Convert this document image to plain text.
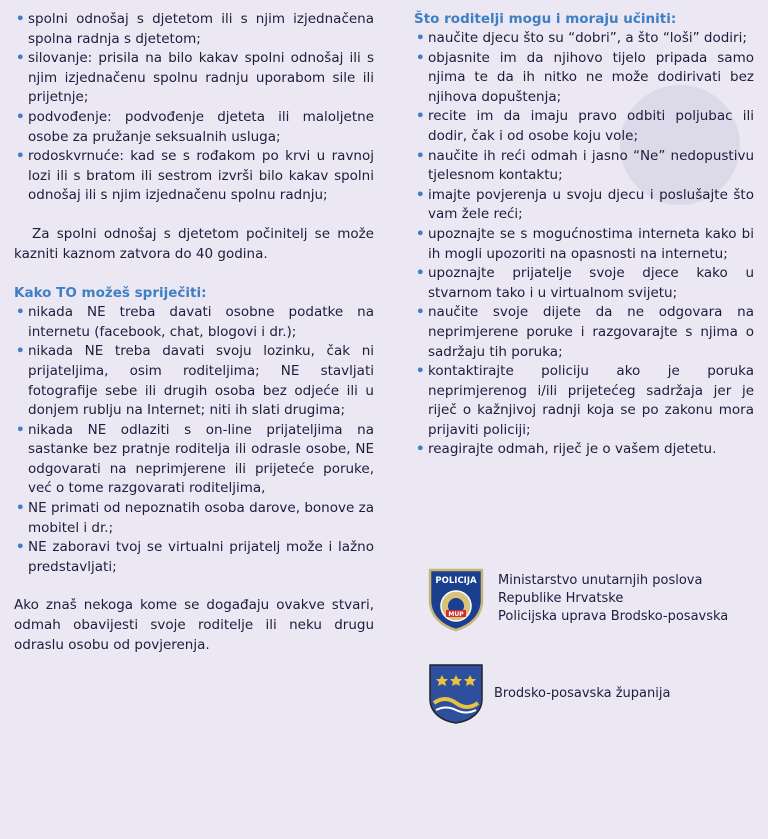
• spolni odnošaj s djetetom ili s njim izjednačena spolna radnja s djetetom;
• silovanje: prisila na bilo kakav spolni odnošaj ili s njim izjednačenu spolnu radnju uporabom sile ili prijetnje;
• podvođenje: podvođenje djeteta ili maloljetne osobe za pružanje seksualnih usluga;
• rodoskvrnuće: kad se s rođakom po krvi u ravnoj lozi ili s bratom ili sestrom izvrši bilo kakav spolni odnošaj ili s njim izjednačenu spolnu radnju;

Za spolni odnošaj s djetetom počinitelj se može kazniti kaznom zatvora do 40 godina.

Kako TO možeš spriječiti:

• nikada NE treba davati osobne podatke na internetu (facebook, chat, blogovi i dr.);
• nikada NE treba davati svoju lozinku, čak ni prijateljima, osim roditeljima; NE stavljati fotografije sebe ili drugih osoba bez odjeće ili u donjem rublju na Internet; niti ih slati drugima;
• nikada NE odlaziti s on-line prijateljima na sastanke bez pratnje roditelja ili odrasle osobe, NE odgovarati na neprimjerene ili prijeteće poruke, već o tome razgovarati roditeljima,
• NE primati od nepoznatih osoba darove, bonove za mobitel i dr.;
• NE zaboravi tvoj se virtualni prijatelj može i lažno predstavljati;

Ako znaš nekoga kome se događaju ovakve stvari, odmah obavijesti svoje roditelje ili neku drugu odraslu osobu od povjerenja.

Što roditelji mogu i moraju učiniti:

• naučite djecu što su “dobri”, a što “loši” dodiri;
• objasnite im da njihovo tijelo pripada samo njima te da ih nitko ne može dodirivati bez njihova dopuštenja;
• recite im da imaju pravo odbiti poljubac ili dodir, čak i od osobe koju vole;
• naučite ih reći odmah i jasno “Ne” nedopustivu tjelesnom kontaktu;
• imajte povjerenja u svoju djecu i poslušajte što vam žele reći;
• upoznajte se s mogućnostima interneta kako bi ih mogli upozoriti na opasnosti na internetu;
• upoznajte prijatelje svoje djece kako u stvarnom tako i u virtualnom svijetu;
• naučite svoje dijete da ne odgovara na neprimjerene poruke i razgovarajte s njima o sadržaju tih poruka;
• kontaktirajte policiju ako je poruka neprimjerenog i/ili prijetećeg sadržaja jer je riječ o kažnjivoj radnji koja se po zakonu mora prijaviti policiji;
• reagirajte odmah, riječ je o vašem djetetu.
POLICIJA
MUP
Ministarstvo unutarnjih poslova
Republike Hrvatske
Policijska uprava Brodsko-posavska
Brodsko-posavska županija
